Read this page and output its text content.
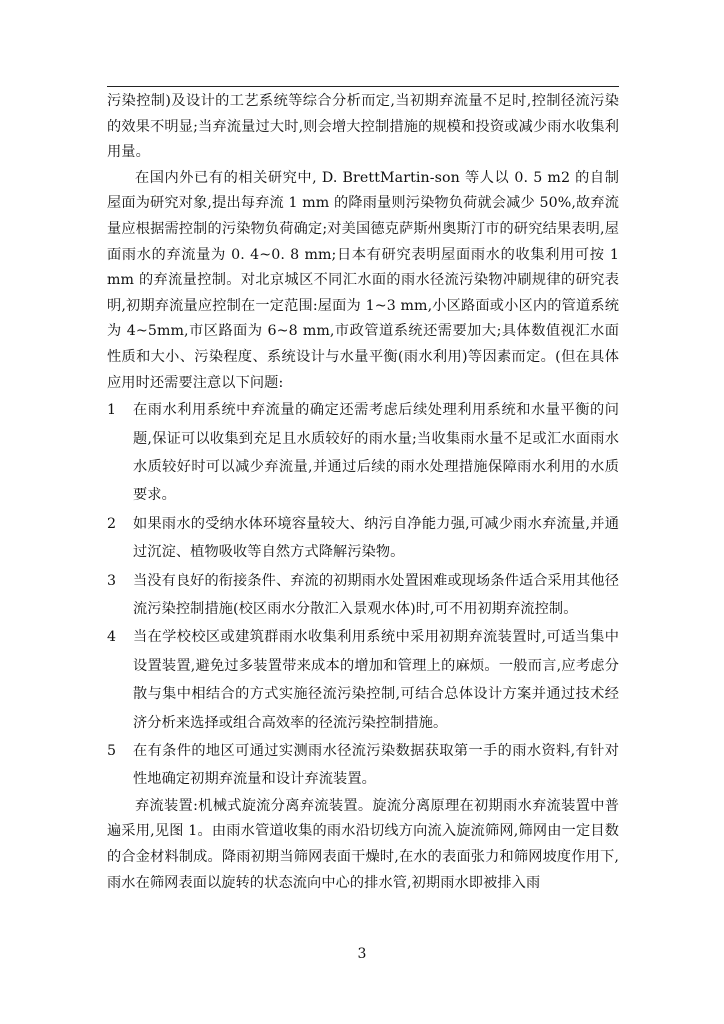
污染控制)及设计的工艺系统等综合分析而定,当初期弃流量不足时,控制径流污染的效果不明显;当弃流量过大时,则会增大控制措施的规模和投资或减少雨水收集利用量。

在国内外已有的相关研究中, D. BrettMartin-son 等人以 0. 5 m2 的自制屋面为研究对象,提出每弃流 1 mm 的降雨量则污染物负荷就会减少 50%,故弃流量应根据需控制的污染物负荷确定;对美国德克萨斯州奥斯汀市的研究结果表明,屋面雨水的弃流量为 0. 4~0. 8 mm;日本有研究表明屋面雨水的收集利用可按 1 mm 的弃流量控制。对北京城区不同汇水面的雨水径流污染物冲刷规律的研究表明,初期弃流量应控制在一定范围:屋面为 1~3 mm,小区路面或小区内的管道系统为 4~5mm,市区路面为 6~8 mm,市政管道系统还需要加大;具体数值视汇水面性质和大小、污染程度、系统设计与水量平衡(雨水利用)等因素而定。(但在具体应用时还需要注意以下问题:

1	在雨水利用系统中弃流量的确定还需考虑后续处理利用系统和水量平衡的问题,保证可以收集到充足且水质较好的雨水量;当收集雨水量不足或汇水面雨水水质较好时可以减少弃流量,并通过后续的雨水处理措施保障雨水利用的水质要求。

2	如果雨水的受纳水体环境容量较大、纳污自净能力强,可减少雨水弃流量,并通过沉淀、植物吸收等自然方式降解污染物。

3	当没有良好的衔接条件、弃流的初期雨水处置困难或现场条件适合采用其他径流污染控制措施(校区雨水分散汇入景观水体)时,可不用初期弃流控制。

4	当在学校校区或建筑群雨水收集利用系统中采用初期弃流装置时,可适当集中设置装置,避免过多装置带来成本的增加和管理上的麻烦。一般而言,应考虑分散与集中相结合的方式实施径流污染控制,可结合总体设计方案并通过技术经济分析来选择或组合高效率的径流污染控制措施。

5	在有条件的地区可通过实测雨水径流污染数据获取第一手的雨水资料,有针对性地确定初期弃流量和设计弃流装置。

弃流装置:机械式旋流分离弃流装置。旋流分离原理在初期雨水弃流装置中普遍采用,见图 1。由雨水管道收集的雨水沿切线方向流入旋流筛网,筛网由一定目数的合金材料制成。降雨初期当筛网表面干燥时,在水的表面张力和筛网坡度作用下,雨水在筛网表面以旋转的状态流向中心的排水管,初期雨水即被排入雨

3
